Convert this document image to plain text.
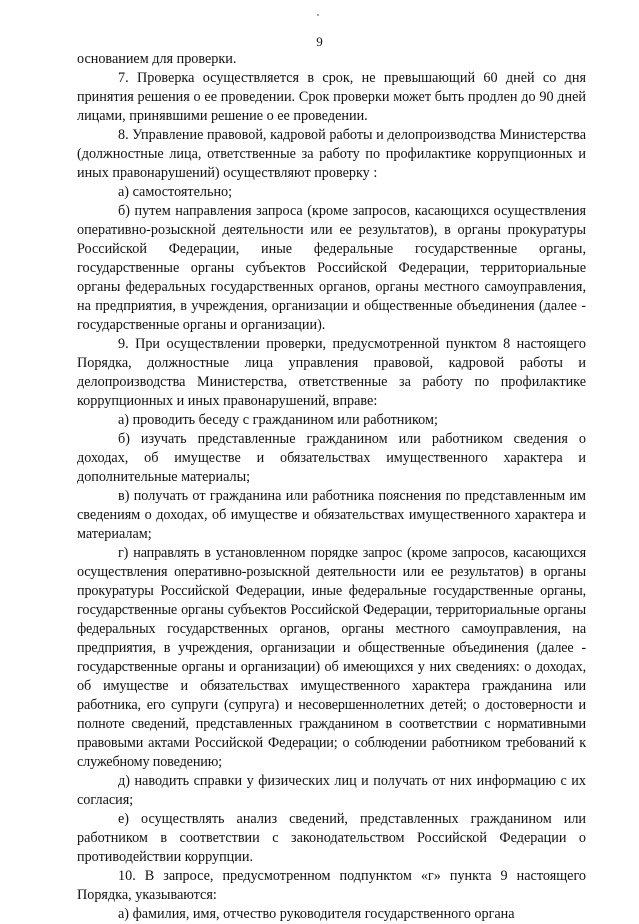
9

основанием для проверки.

7. Проверка осуществляется в срок, не превышающий 60 дней со дня принятия решения о ее проведении. Срок проверки может быть продлен до 90 дней лицами, принявшими решение о ее проведении.

8. Управление правовой, кадровой работы и делопроизводства Министерства (должностные лица, ответственные за работу по профилактике коррупционных и иных правонарушений) осуществляют проверку :

а) самостоятельно;

б) путем направления запроса (кроме запросов, касающихся осуществления оперативно-розыскной деятельности или ее результатов), в органы прокуратуры Российской Федерации, иные федеральные государственные органы, государственные органы субъектов Российской Федерации, территориальные органы федеральных государственных органов, органы местного самоуправления, на предприятия, в учреждения, организации и общественные объединения (далее - государственные органы и организации).

9. При осуществлении проверки, предусмотренной пунктом 8 настоящего Порядка, должностные лица управления правовой, кадровой работы и делопроизводства Министерства, ответственные за работу по профилактике коррупционных и иных правонарушений, вправе:

а) проводить беседу с гражданином или работником;

б) изучать представленные гражданином или работником сведения о доходах, об имуществе и обязательствах имущественного характера и дополнительные материалы;

в) получать от гражданина или работника пояснения по представленным им сведениям о доходах, об имуществе и обязательствах имущественного характера и материалам;

г) направлять в установленном порядке запрос (кроме запросов, касающихся осуществления оперативно-розыскной деятельности или ее результатов) в органы прокуратуры Российской Федерации, иные федеральные государственные органы, государственные органы субъектов Российской Федерации, территориальные органы федеральных государственных органов, органы местного самоуправления, на предприятия, в учреждения, организации и общественные объединения (далее - государственные органы и организации) об имеющихся у них сведениях: о доходах, об имуществе и обязательствах имущественного характера гражданина или работника, его супруги (супруга) и несовершеннолетних детей; о достоверности и полноте сведений, представленных гражданином в соответствии с нормативными правовыми актами Российской Федерации; о соблюдении работником требований к служебному поведению;

д) наводить справки у физических лиц и получать от них информацию с их согласия;

е) осуществлять анализ сведений, представленных гражданином или работником в соответствии с законодательством Российской Федерации о противодействии коррупции.

10. В запросе, предусмотренном подпунктом «г» пункта 9 настоящего Порядка, указываются:

а) фамилия, имя, отчество руководителя государственного органа
